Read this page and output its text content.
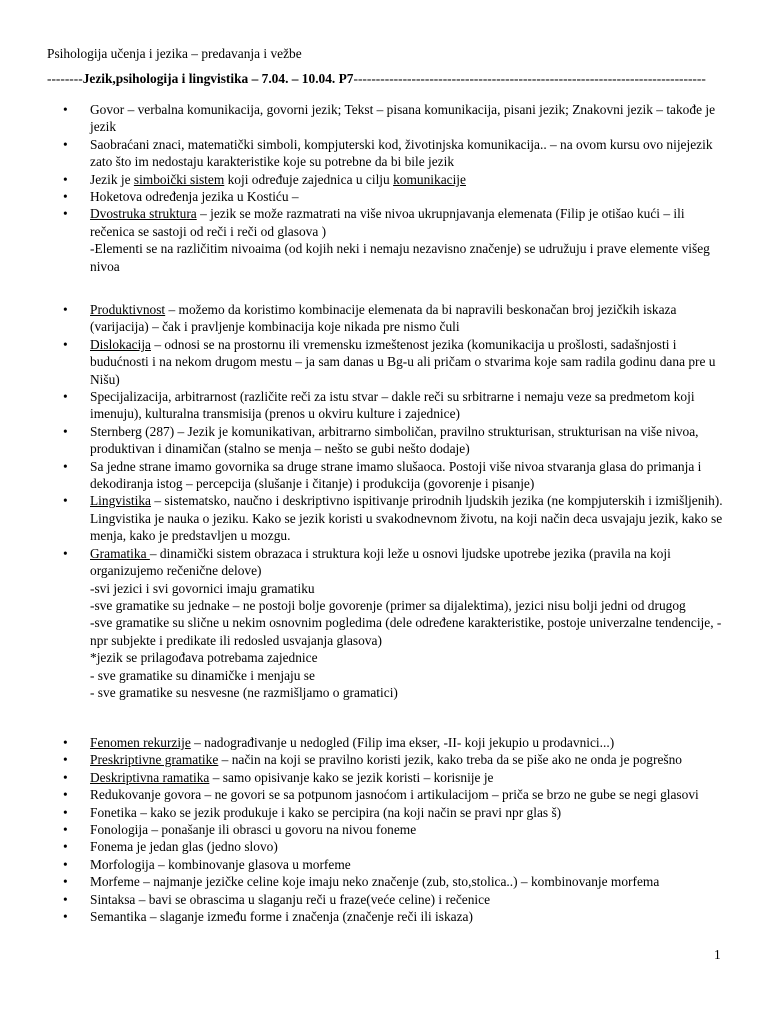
Psihologija učenja i jezika – predavanja i vežbe

--------Jezik,psihologija i lingvistika – 7.04. – 10.04. P7-------------------------------------------------------------------------------

• Govor – verbalna komunikacija, govorni jezik; Tekst – pisana komunikacija, pisani jezik; Znakovni jezik – takođe je jezik
• Saobraćani znaci, matematički simboli, kompjuterski kod, životinjska komunikacija.. – na ovom kursu ovo nijejezik zato što im nedostaju karakteristike koje su potrebne da bi bile jezik
• Jezik je simboički sistem koji određuje zajednica u cilju komunikacije
• Hoketova određenja jezika u Kostiću –
• Dvostruka struktura – jezik se može razmatrati na više nivoa ukrupnjavanja elemenata (Filip je otišao kući – ili rečenica se sastoji od reči i reči od glasova )
-Elementi se na različitim nivoaima (od kojih neki i nemaju nezavisno značenje) se udružuju i prave elemente višeg nivoa
• Produktivnost – možemo da koristimo kombinacije elemenata da bi napravili beskonačan broj jezičkih iskaza (varijacija) – čak i pravljenje kombinacija koje nikada pre nismo čuli
• Dislokacija – odnosi se na prostornu ili vremensku izmeštenost jezika (komunikacija u prošlosti, sadašnjosti i budućnosti i na nekom drugom mestu – ja sam danas u Bg-u ali pričam o stvarima koje sam radila godinu dana pre u Nišu)
• Specijalizacija, arbitrarnost (različite reči za istu stvar – dakle reči su srbitrarne i nemaju veze sa predmetom koji imenuju), kulturalna transmisija (prenos u okviru kulture i zajednice)
• Sternberg (287) – Jezik je komunikativan, arbitrarno simboličan, pravilno strukturisan, strukturisan na više nivoa, produktivan i dinamičan (stalno se menja – nešto se gubi nešto dodaje)
• Sa jedne strane imamo govornika sa druge strane imamo slušaoca. Postoji više nivoa stvaranja glasa do primanja i dekodiranja istog – percepcija (slušanje i čitanje) i produkcija (govorenje i pisanje)
• Lingvistika – sistematsko, naučno i deskriptivno ispitivanje prirodnih ljudskih jezika (ne kompjuterskih i izmišljenih). Lingvistika je nauka o jeziku. Kako se jezik koristi u svakodnevnom životu, na koji način deca usvajaju jezik, kako se menja, kako je predstavljen u mozgu.
• Gramatika – dinamički sistem obrazaca i struktura koji leže u osnovi ljudske upotrebe jezika (pravila na koji organizujemo rečenične delove)
-svi jezici i svi govornici imaju gramatiku
-sve gramatike su jednake – ne postoji bolje govorenje (primer sa dijalektima), jezici nisu bolji jedni od drugog
-sve gramatike su slične u nekim osnovnim pogledima (dele određene karakteristike, postoje univerzalne tendencije, -npr subjekte i predikate ili redosled usvajanja glasova)
*jezik se prilagođava potrebama zajednice
- sve gramatike su dinamičke i menjaju se
- sve gramatike su nesvesne (ne razmišljamo o gramatici)
• Fenomen rekurzije – nadograđivanje u nedogled (Filip ima ekser, -II- koji jekupio u prodavnici...)
• Preskriptivne gramatike – način na koji se pravilno koristi jezik, kako treba da se piše ako ne onda je pogrešno
• Deskriptivna ramatika – samo opisivanje kako se jezik koristi – korisnije je
• Redukovanje govora – ne govori se sa potpunom jasnoćom i artikulacijom – priča se brzo ne gube se negi glasovi
• Fonetika – kako se jezik produkuje i kako se percipira (na koji način se pravi npr glas š)
• Fonologija – ponašanje ili obrasci u govoru na nivou foneme
• Fonema je jedan glas (jedno slovo)
• Morfologija – kombinovanje glasova u morfeme
• Morfeme – najmanje jezičke celine koje imaju neko značenje (zub, sto,stolica..) – kombinovanje morfema
• Sintaksa – bavi se obrascima u slaganju reči u fraze(veće celine) i rečenice
• Semantika – slaganje između forme i značenja (značenje reči ili iskaza)

1
